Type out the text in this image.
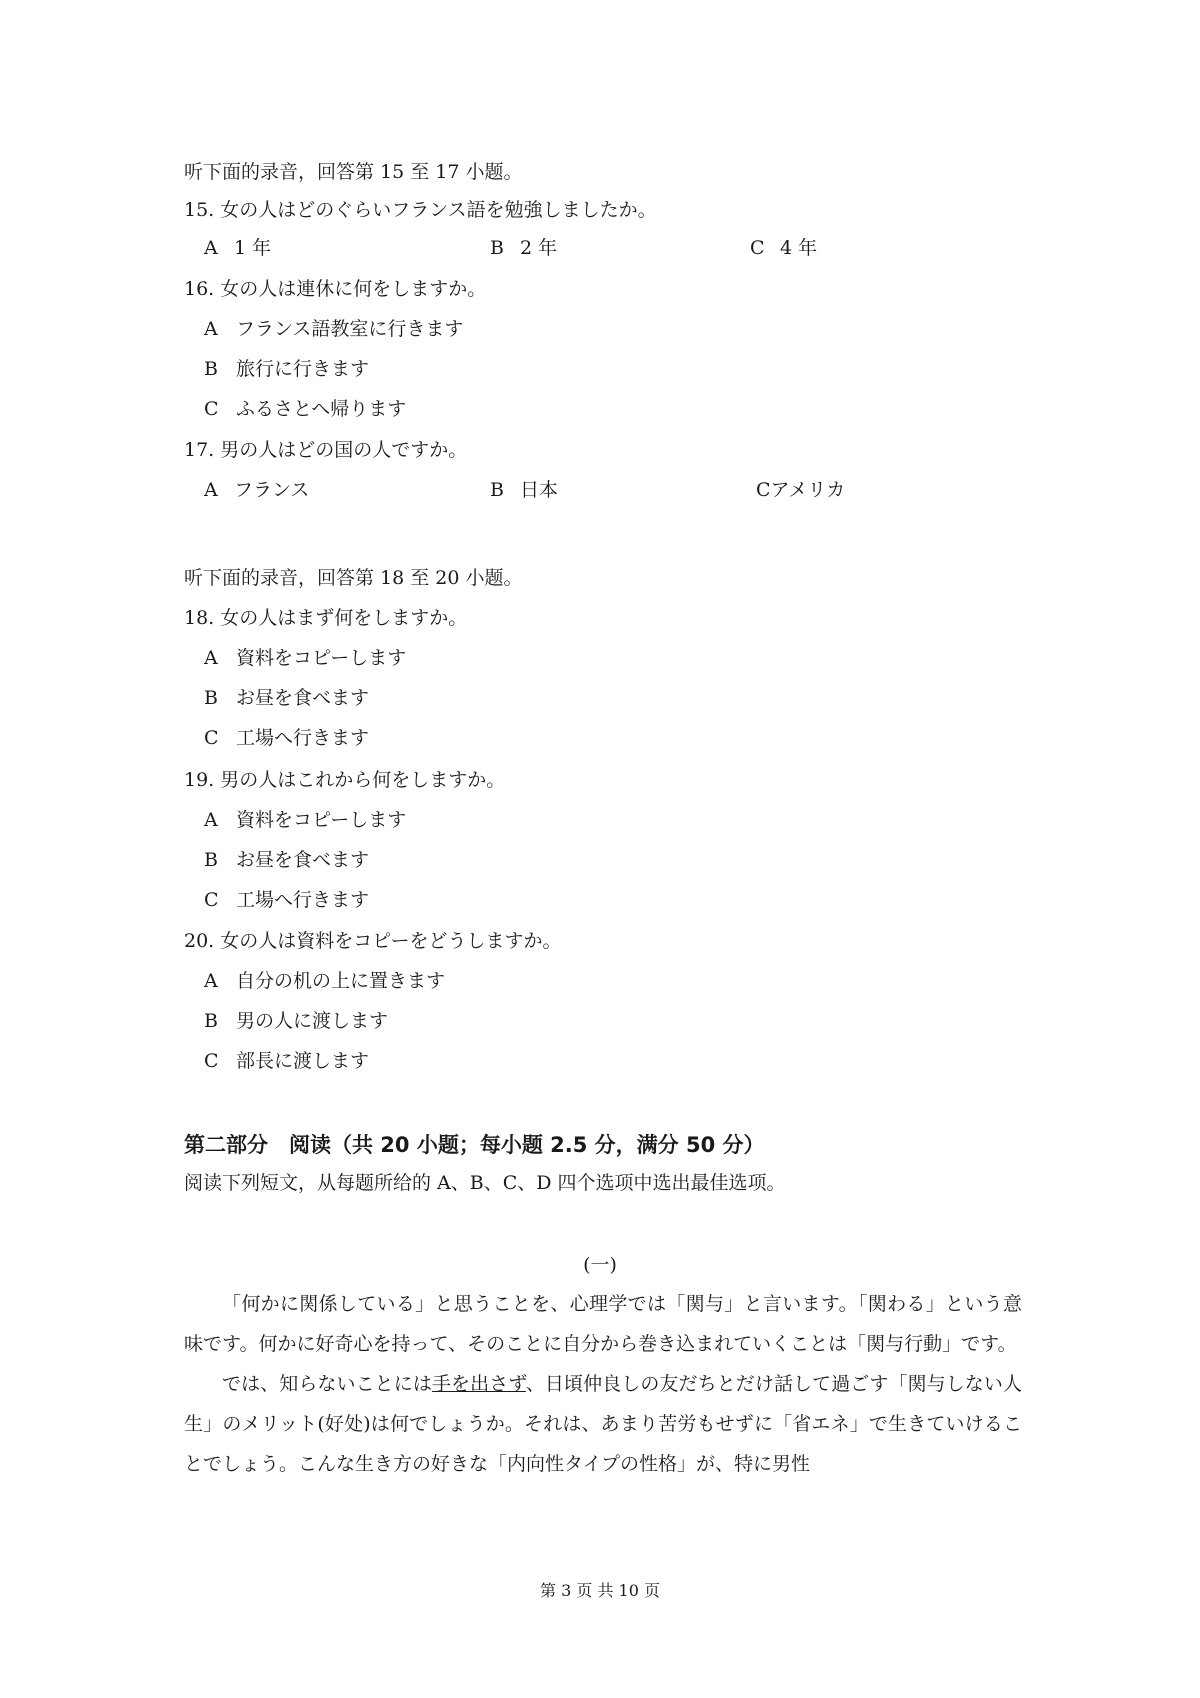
听下面的录音，回答第 15 至 17 小题。
15. 女の人はどのぐらいフランス語を勉強しましたか。
A 1 年	B 2 年	C 4 年
16. 女の人は連休に何をしますか。
A フランス語教室に行きます
B 旅行に行きます
C ふるさとへ帰ります
17. 男の人はどの国の人ですか。
A フランス	B 日本	Cアメリカ
听下面的录音，回答第 18 至 20 小题。
18. 女の人はまず何をしますか。
A 資料をコピーします
B お昼を食べます
C 工場へ行きます
19. 男の人はこれから何をしますか。
A 資料をコピーします
B お昼を食べます
C 工場へ行きます
20. 女の人は資料をコピーをどうしますか。
A 自分の机の上に置きます
B 男の人に渡します
C 部長に渡します
第二部分　阅读（共 20 小题；每小题 2.5 分，满分 50 分）
阅读下列短文，从每题所给的 A、B、C、D 四个选项中选出最佳选项。
(一)

「何かに関係している」と思うことを、心理学では「関与」と言います。「関わる」という意味です。何かに好奇心を持って、そのことに自分から巻き込まれていくことは「関与行動」です。

では、知らないことには手を出さず、日頃仲良しの友だちとだけ話して過ごす「関与しない人生」のメリット(好处)は何でしょうか。それは、あまり苦労もせずに「省エネ」で生きていけることでしょう。こんな生き方の好きな「内向性タイプの性格」が、特に男性

第 3 页 共 10 页
